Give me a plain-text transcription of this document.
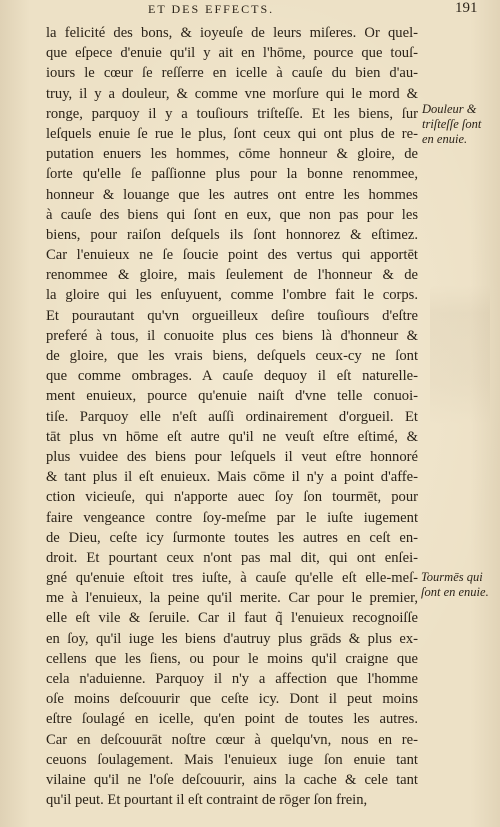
ET DES EFFECTS.	191
la felicité des bons, & ioyeuſe de leurs miſeres. Or quel-
que eſpece d'enuie qu'il y ait en l'hōme, pource que touſ-
iours le cœur ſe reſſerre en icelle à cauſe du bien d'au-
truy, il y a douleur, & comme vne morſure qui le mord &
ronge, parquoy il y a touſiours triſteſſe. Et les biens, ſur
leſquels enuie ſe rue le plus, ſont ceux qui ont plus de re-
putation enuers les hommes, cōme honneur & gloire, de
ſorte qu'elle ſe paſſionne plus pour la bonne renommee,
honneur & louange que les autres ont entre les hommes
à cauſe des biens qui ſont en eux, que non pas pour les
biens, pour raiſon deſquels ils ſont honnorez & eſtimez.
Car l'enuieux ne ſe ſoucie point des vertus qui apportēt
renommee & gloire, mais ſeulement de l'honneur & de
la gloire qui les enſuyuent, comme l'ombre fait le corps.
Et pourautant qu'vn orgueilleux deſire touſiours d'eſtre
preferé à tous, il conuoite plus ces biens là d'honneur &
de gloire, que les vrais biens, deſquels ceux-cy ne ſont
que comme ombrages. A cauſe dequoy il eſt naturelle-
ment enuieux, pource qu'enuie naiſt d'vne telle conuoi-
tiſe. Parquoy elle n'eſt auſſi ordinairement d'orgueil. Et
tāt plus vn hōme eſt autre qu'il ne veuſt eſtre eſtimé, &
plus vuidee des biens pour leſquels il veut eſtre honnoré
& tant plus il eſt enuieux. Mais cōme il n'y a point d'affe-
ction vicieuſe, qui n'apporte auec ſoy ſon tourmēt, pour
faire vengeance contre ſoy-meſme par le iuſte iugement
de Dieu, ceſte icy ſurmonte toutes les autres en ceſt en-
droit. Et pourtant ceux n'ont pas mal dit, qui ont enſei-
gné qu'enuie eſtoit tres iuſte, à cauſe qu'elle eſt elle-meſ-
me à l'enuieux, la peine qu'il merite. Car pour le premier,
elle eſt vile & ſeruile. Car il faut q̃ l'enuieux recognoiſſe
en ſoy, qu'il iuge les biens d'autruy plus grāds & plus ex-
cellens que les ſiens, ou pour le moins qu'il craigne que
cela n'aduienne. Parquoy il n'y a affection que l'homme
oſe moins deſcouurir que ceſte icy. Dont il peut moins
eſtre ſoulagé en icelle, qu'en point de toutes les autres.
Car en deſcouurāt noſtre cœur à quelqu'vn, nous en re-
ceuons ſoulagement. Mais l'enuieux iuge ſon enuie tant
vilaine qu'il ne l'oſe deſcouurir, ains la cache & cele tant
qu'il peut. Et pourtant il eſt contraint de rōger ſon frein,
Douleur &
triſteſſe ſont
en enuie.
Tourmēs qui
ſont en enuie.
